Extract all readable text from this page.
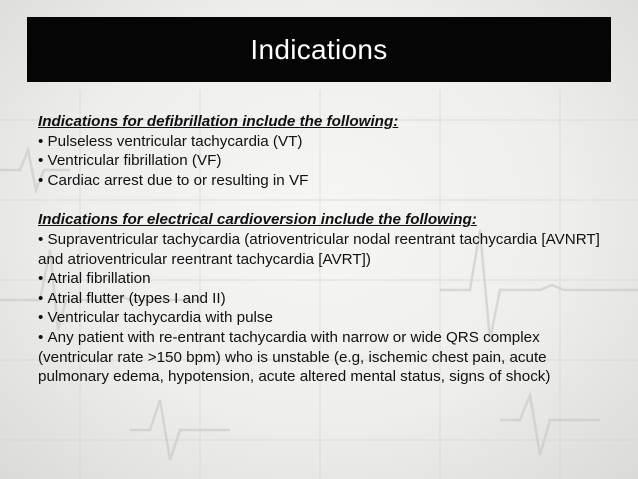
Indications

Indications for defibrillation include the following:

• Pulseless ventricular tachycardia (VT)

• Ventricular fibrillation (VF)

• Cardiac arrest due to or resulting in VF

Indications for electrical cardioversion include the following:

• Supraventricular tachycardia (atrioventricular nodal reentrant tachycardia [AVNRT] and atrioventricular reentrant tachycardia [AVRT])

• Atrial fibrillation

• Atrial flutter (types I and II)

• Ventricular tachycardia with pulse

• Any patient with re-entrant tachycardia with narrow or wide QRS complex (ventricular rate >150 bpm) who is unstable (e.g, ischemic chest pain, acute pulmonary edema, hypotension, acute altered mental status, signs of shock)
